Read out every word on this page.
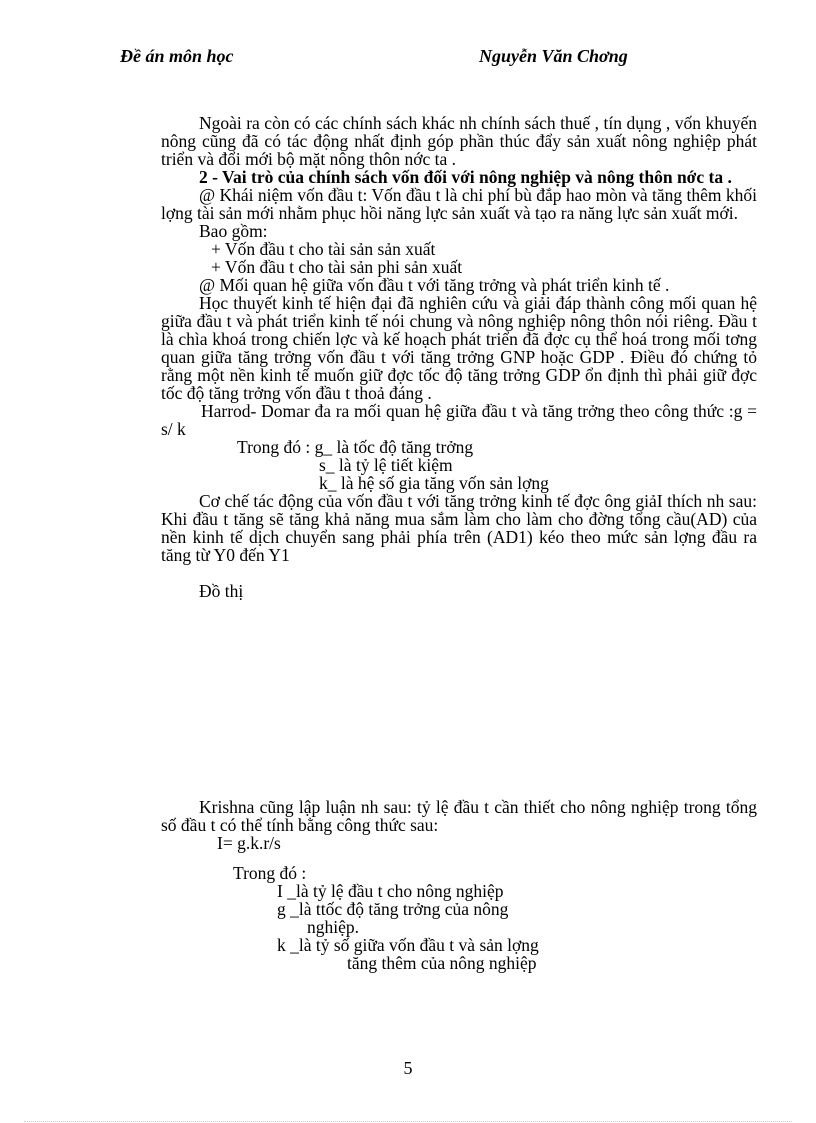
Đề án môn học	Nguyễn Văn Chơng

Ngoài ra còn có các chính sách khác nh chính sách thuế , tín dụng , vốn khuyến nông cũng đã có tác động nhất định góp phần thúc đẩy sản xuất nông nghiệp phát triển và đổi mới bộ mặt nông thôn nớc ta .

2 - Vai trò của chính sách vốn đối với nông nghiệp và nông thôn nớc ta .

@ Khái niệm vốn đầu t: Vốn đầu t là chi phí bù đắp hao mòn và tăng thêm khối lợng tài sản mới nhằm phục hồi năng lực sản xuất và tạo ra năng lực sản xuất mới.

Bao gồm:
+ Vốn đầu t cho tài sản sản xuất
+ Vốn đầu t cho tài sản phi sản xuất
@ Mối quan hệ giữa vốn đầu t với tăng trởng và phát triển kinh tế .

Học thuyết kinh tế hiện đại đã nghiên cứu và giải đáp thành công mối quan hệ giữa đầu t và phát triển kinh tế nói chung và nông nghiệp nông thôn nói riêng. Đầu t là chìa khoá trong chiến lợc và kế hoạch phát triển đã đợc cụ thể hoá trong mối tơng quan giữa tăng trởng vốn đầu t với tăng trởng GNP hoặc GDP . Điều đó chứng tỏ rằng một nền kinh tế muốn giữ đợc tốc độ tăng trởng GDP ổn định thì phải giữ đợc tốc độ tăng trởng vốn đầu t thoả đáng .

Harrod- Domar đa ra mối quan hệ giữa đầu t và tăng trởng theo công thức :g = s/ k

Trong đó : g_ là tốc độ tăng trởng
s_ là tỷ lệ tiết kiệm
k_ là hệ số gia tăng vốn sản lợng

Cơ chế tác động của vốn đầu t với tăng trởng kinh tế đợc ông giảI thích nh sau: Khi đầu t tăng sẽ tăng khả năng mua sắm làm cho làm cho đờng tổng cầu(AD) của nền kinh tế dịch chuyển sang phải phía trên (AD1) kéo theo mức sản lợng đầu ra tăng từ Y0 đến Y1

Đồ thị

Krishna cũng lập luận nh sau: tỷ lệ đầu t cần thiết cho nông nghiệp trong tổng số đầu t có thể tính bằng công thức sau:

I= g.k.r/s
Trong đó :
I _là tỷ lệ đầu t cho nông nghiệp
g _là ttốc độ tăng trởng của nông
nghiệp.
k _là tỷ số giữa vốn đầu t và sản lợng
tăng thêm của nông nghiệp
5
